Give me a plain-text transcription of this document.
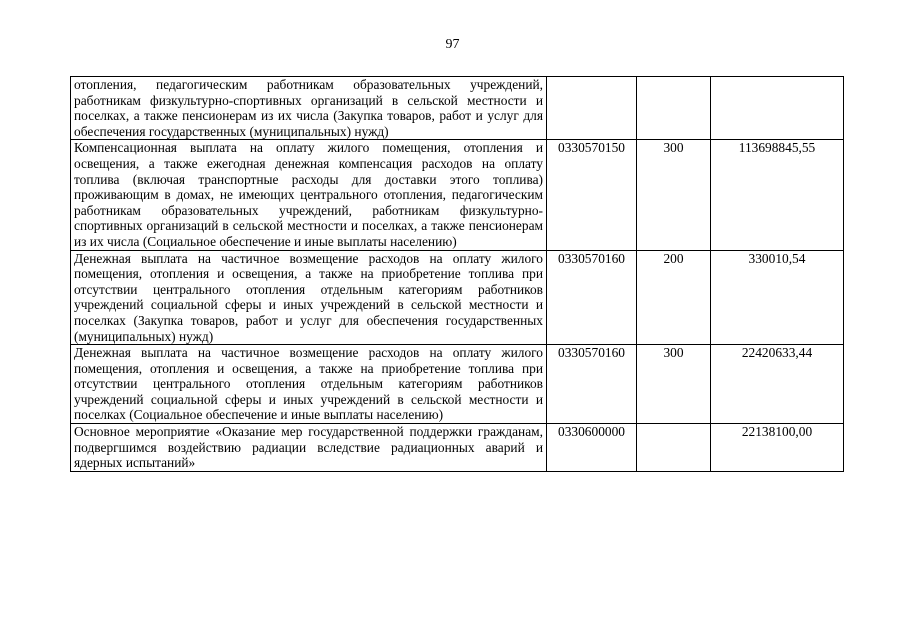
97
отопления, педагогическим работникам образовательных учреждений, работникам физкультурно-спортивных организаций в сельской местности и поселках, а также пенсионерам из их числа (Закупка товаров, работ и услуг для обеспечения государственных (муниципальных) нужд)			
Компенсационная выплата на оплату жилого помещения, отопления и освещения, а также ежегодная денежная компенсация расходов на оплату топлива (включая транспортные расходы для доставки этого топлива) проживающим в домах, не имеющих центрального отопления, педагогическим работникам образовательных учреждений, работникам физкультурно-спортивных организаций в сельской местности и поселках, а также пенсионерам из их числа (Социальное обеспечение и иные выплаты населению)	0330570150	300	113698845,55
Денежная выплата на частичное возмещение расходов на оплату жилого помещения, отопления и освещения, а также на приобретение топлива при отсутствии центрального отопления отдельным категориям работников учреждений социальной сферы и иных учреждений в сельской местности и поселках (Закупка товаров, работ и услуг для обеспечения государственных (муниципальных) нужд)	0330570160	200	330010,54
Денежная выплата на частичное возмещение расходов на оплату жилого помещения, отопления и освещения, а также на приобретение топлива при отсутствии центрального отопления отдельным категориям работников учреждений социальной сферы и иных учреждений в сельской местности и поселках (Социальное обеспечение и иные выплаты населению)	0330570160	300	22420633,44
Основное мероприятие «Оказание мер государственной поддержки гражданам, подвергшимся воздействию радиации вследствие радиационных аварий и ядерных испытаний»	0330600000		22138100,00
